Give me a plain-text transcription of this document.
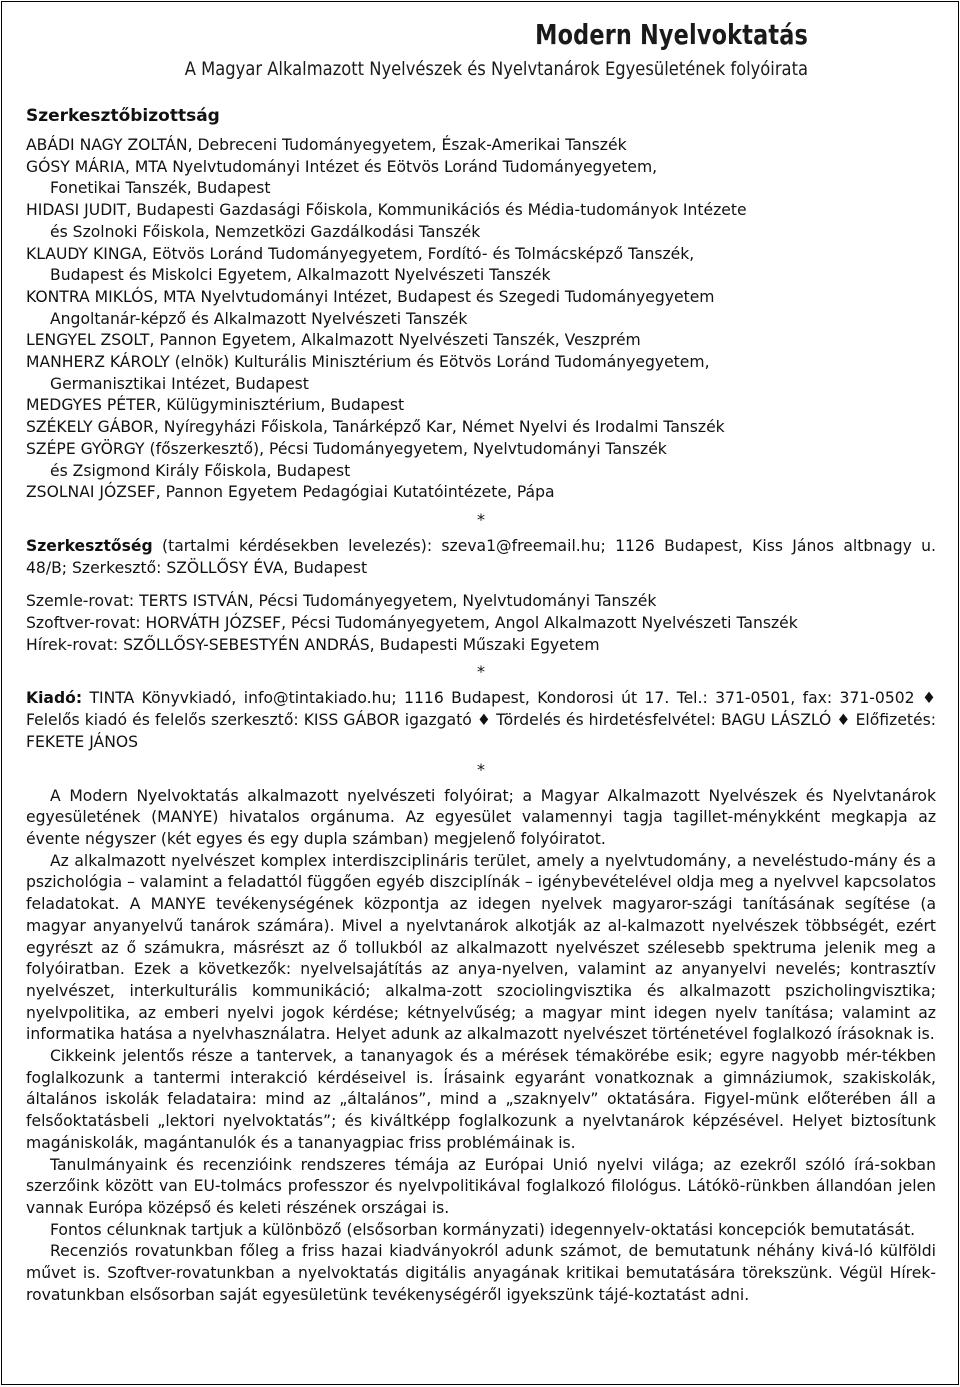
Modern Nyelvoktatás
A Magyar Alkalmazott Nyelvészek és Nyelvtanárok Egyesületének folyóirata
Szerkesztőbizottság
ABÁDI NAGY ZOLTÁN, Debreceni Tudományegyetem, Észak-Amerikai Tanszék
GÓSY MÁRIA, MTA Nyelvtudományi Intézet és Eötvös Loránd Tudományegyetem,
Fonetikai Tanszék, Budapest
HIDASI JUDIT, Budapesti Gazdasági Főiskola, Kommunikációs és Média-tudományok Intézete
és Szolnoki Főiskola, Nemzetközi Gazdálkodási Tanszék
KLAUDY KINGA, Eötvös Loránd Tudományegyetem, Fordító- és Tolmácsképző Tanszék,
Budapest és Miskolci Egyetem, Alkalmazott Nyelvészeti Tanszék
KONTRA MIKLÓS, MTA Nyelvtudományi Intézet, Budapest és Szegedi Tudományegyetem
Angoltanár-képző és Alkalmazott Nyelvészeti Tanszék
LENGYEL ZSOLT, Pannon Egyetem, Alkalmazott Nyelvészeti Tanszék, Veszprém
MANHERZ KÁROLY (elnök) Kulturális Minisztérium és Eötvös Loránd Tudományegyetem,
Germanisztikai Intézet, Budapest
MEDGYES PÉTER, Külügyminisztérium, Budapest
SZÉKELY GÁBOR, Nyíregyházi Főiskola, Tanárképző Kar, Német Nyelvi és Irodalmi Tanszék
SZÉPE GYÖRGY (főszerkesztő), Pécsi Tudományegyetem, Nyelvtudományi Tanszék
és Zsigmond Király Főiskola, Budapest
ZSOLNAI JÓZSEF, Pannon Egyetem Pedagógiai Kutatóintézete, Pápa
*
Szerkesztőség (tartalmi kérdésekben levelezés): szeva1@freemail.hu; 1126 Budapest, Kiss János altbnagy u. 48/B; Szerkesztő: SZÖLLŐSY ÉVA, Budapest
Szemle-rovat: TERTS ISTVÁN, Pécsi Tudományegyetem, Nyelvtudományi Tanszék
Szoftver-rovat: HORVÁTH JÓZSEF, Pécsi Tudományegyetem, Angol Alkalmazott Nyelvészeti Tanszék
Hírek-rovat: SZŐLLŐSY-SEBESTYÉN ANDRÁS, Budapesti Műszaki Egyetem
*
Kiadó: TINTA Könyvkiadó, info@tintakiado.hu; 1116 Budapest, Kondorosi út 17. Tel.: 371-0501, fax: 371-0502 ♦ Felelős kiadó és felelős szerkesztő: KISS GÁBOR igazgató ♦ Tördelés és hirdetésfelvétel: BAGU LÁSZLÓ ♦ Előfizetés: FEKETE JÁNOS
*

A Modern Nyelvoktatás alkalmazott nyelvészeti folyóirat; a Magyar Alkalmazott Nyelvészek és Nyelvtanárok egyesületének (MANYE) hivatalos orgánuma. Az egyesület valamennyi tagja tagillet-ménykként megkapja az évente négyszer (két egyes és egy dupla számban) megjelenő folyóiratot.

Az alkalmazott nyelvészet komplex interdiszciplináris terület, amely a nyelvtudomány, a neveléstudo-mány és a pszichológia – valamint a feladattól függően egyéb diszciplínák – igénybevételével oldja meg a nyelvvel kapcsolatos feladatokat. A MANYE tevékenységének központja az idegen nyelvek magyaror-szági tanításának segítése (a magyar anyanyelvű tanárok számára). Mivel a nyelvtanárok alkotják az al-kalmazott nyelvészek többségét, ezért egyrészt az ő számukra, másrészt az ő tollukból az alkalmazott nyelvészet szélesebb spektruma jelenik meg a folyóiratban. Ezek a következők: nyelvelsajátítás az anya-nyelven, valamint az anyanyelvi nevelés; kontrasztív nyelvészet, interkulturális kommunikáció; alkalma-zott szociolingvisztika és alkalmazott pszicholingvisztika; nyelvpolitika, az emberi nyelvi jogok kérdése; kétnyelvűség; a magyar mint idegen nyelv tanítása; valamint az informatika hatása a nyelvhasználatra. Helyet adunk az alkalmazott nyelvészet történetével foglalkozó írásoknak is.

Cikkeink jelentős része a tantervek, a tananyagok és a mérések témakörébe esik; egyre nagyobb mér-tékben foglalkozunk a tantermi interakció kérdéseivel is. Írásaink egyaránt vonatkoznak a gimnáziumok, szakiskolák, általános iskolák feladataira: mind az „általános”, mind a „szaknyelv” oktatására. Figyel-münk előterében áll a felsőoktatásbeli „lektori nyelvoktatás”; és kiváltképp foglalkozunk a nyelvtanárok képzésével. Helyet biztosítunk magániskolák, magántanulók és a tananyagpiac friss problémáinak is.

Tanulmányaink és recenzióink rendszeres témája az Európai Unió nyelvi világa; az ezekről szóló írá-sokban szerzőink között van EU-tolmács professzor és nyelvpolitikával foglalkozó filológus. Látókö-rünkben állandóan jelen vannak Európa középső és keleti részének országai is.

Fontos célunknak tartjuk a különböző (elsősorban kormányzati) idegennyelv-oktatási koncepciók bemutatását.

Recenziós rovatunkban főleg a friss hazai kiadványokról adunk számot, de bemutatunk néhány kivá-ló külföldi művet is. Szoftver-rovatunkban a nyelvoktatás digitális anyagának kritikai bemutatására törekszünk. Végül Hírek-rovatunkban elsősorban saját egyesületünk tevékenységéről igyekszünk tájé-koztatást adni.
